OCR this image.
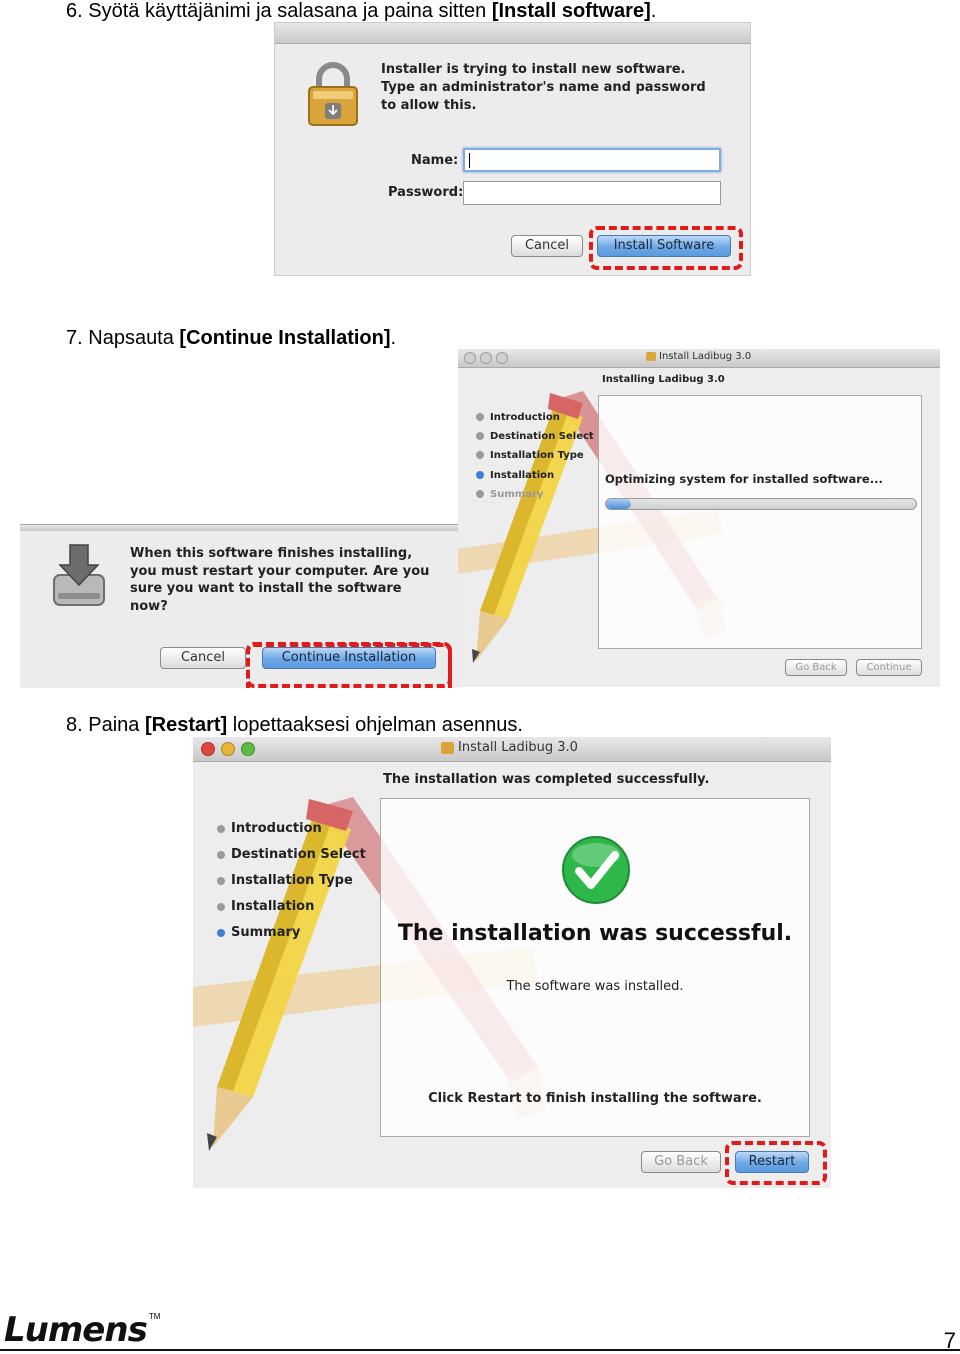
6. Syötä käyttäjänimi ja salasana ja paina sitten [Install software].
Installer is trying to install new software. Type an administrator's name and password to allow this.
Name:
Password:
Cancel	Install Software
7. Napsauta [Continue Installation].
Install Ladibug 3.0
Installing Ladibug 3.0
Introduction
Destination Select
Installation Type
Installation
Summary
Optimizing system for installed software...
Go Back	Continue
When this software finishes installing, you must restart your computer. Are you sure you want to install the software now?
Cancel	Continue Installation
8. Paina [Restart] lopettaaksesi ohjelman asennus.
Install Ladibug 3.0
The installation was completed successfully.
Introduction
Destination Select
Installation Type
Installation
Summary	The installation was successful.
The software was installed.
Click Restart to finish installing the software.
Go Back	Restart
Lumens ™
7
